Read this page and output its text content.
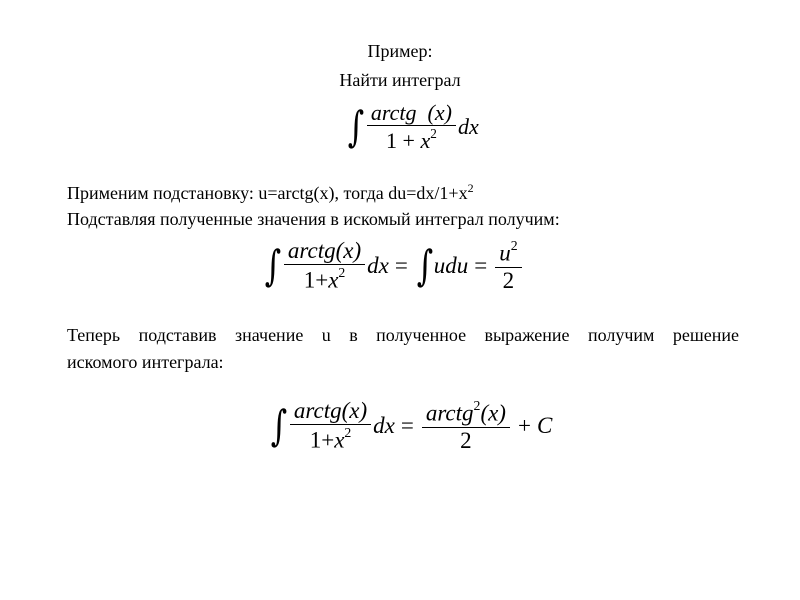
Пример:
Найти интеграл
∫ $\frac{\text{arctg (x)}}{1 + x^2}$ dx
Применим подстановку: u=arctg(x), тогда $du=dx/1+x^2$
Подставляя полученные значения в искомый интеграл получим:
∫ $\frac{\text{arctg(x)}}{1+x^2}$ dx = ∫ udu = $\frac{u^2}{2}$
Теперь подставив значение u в полученное выражение получим решение
искомого интеграла:
∫ $\frac{\text{arctg(x)}}{1+x^2}$ dx = $\frac{arctg^2(x)}{2} + C$
